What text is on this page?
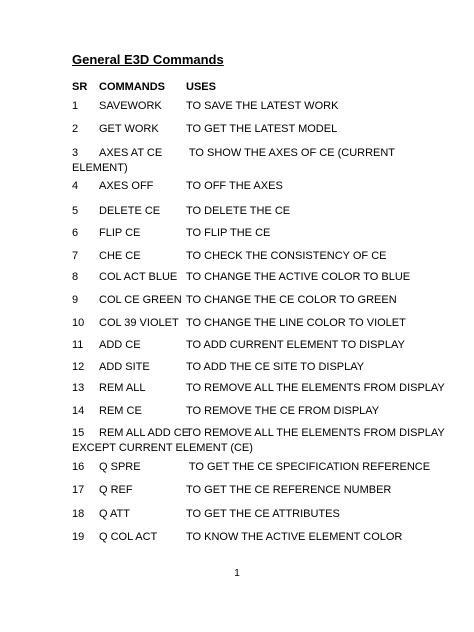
General E3D Commands
SR COMMANDS USES
1 SAVEWORK TO SAVE THE LATEST WORK
2 GET WORK TO GET THE LATEST MODEL
3 AXES AT CE TO SHOW THE AXES OF CE (CURRENT
ELEMENT)
4 AXES OFF	TO OFF THE AXES
5 DELETE CE TO DELETE THE CE
6 FLIP CE	TO FLIP THE CE
7 CHE CE	TO CHECK THE CONSISTENCY OF CE
8 COL ACT BLUE TO CHANGE THE ACTIVE COLOR TO BLUE
9 COL CE GREEN TO CHANGE THE CE COLOR TO GREEN
10 COL 39 VIOLET TO CHANGE THE LINE COLOR TO VIOLET
11 ADD CE	TO ADD CURRENT ELEMENT TO DISPLAY
12 ADD SITE	TO ADD THE CE SITE TO DISPLAY
13 REM ALL	TO REMOVE ALL THE ELEMENTS FROM DISPLAY
14 REM CE	TO REMOVE THE CE FROM DISPLAY
15 REM ALL ADD CE
TO REMOVE ALL THE ELEMENTS FROM DISPLAY
EXCEPT CURRENT ELEMENT (CE)
16 Q SPRE	TO GET THE CE SPECIFICATION REFERENCE
17 Q REF	TO GET THE CE REFERENCE NUMBER
18 Q ATT	TO GET THE CE ATTRIBUTES
19 Q COL ACT	TO KNOW THE ACTIVE ELEMENT COLOR
1
